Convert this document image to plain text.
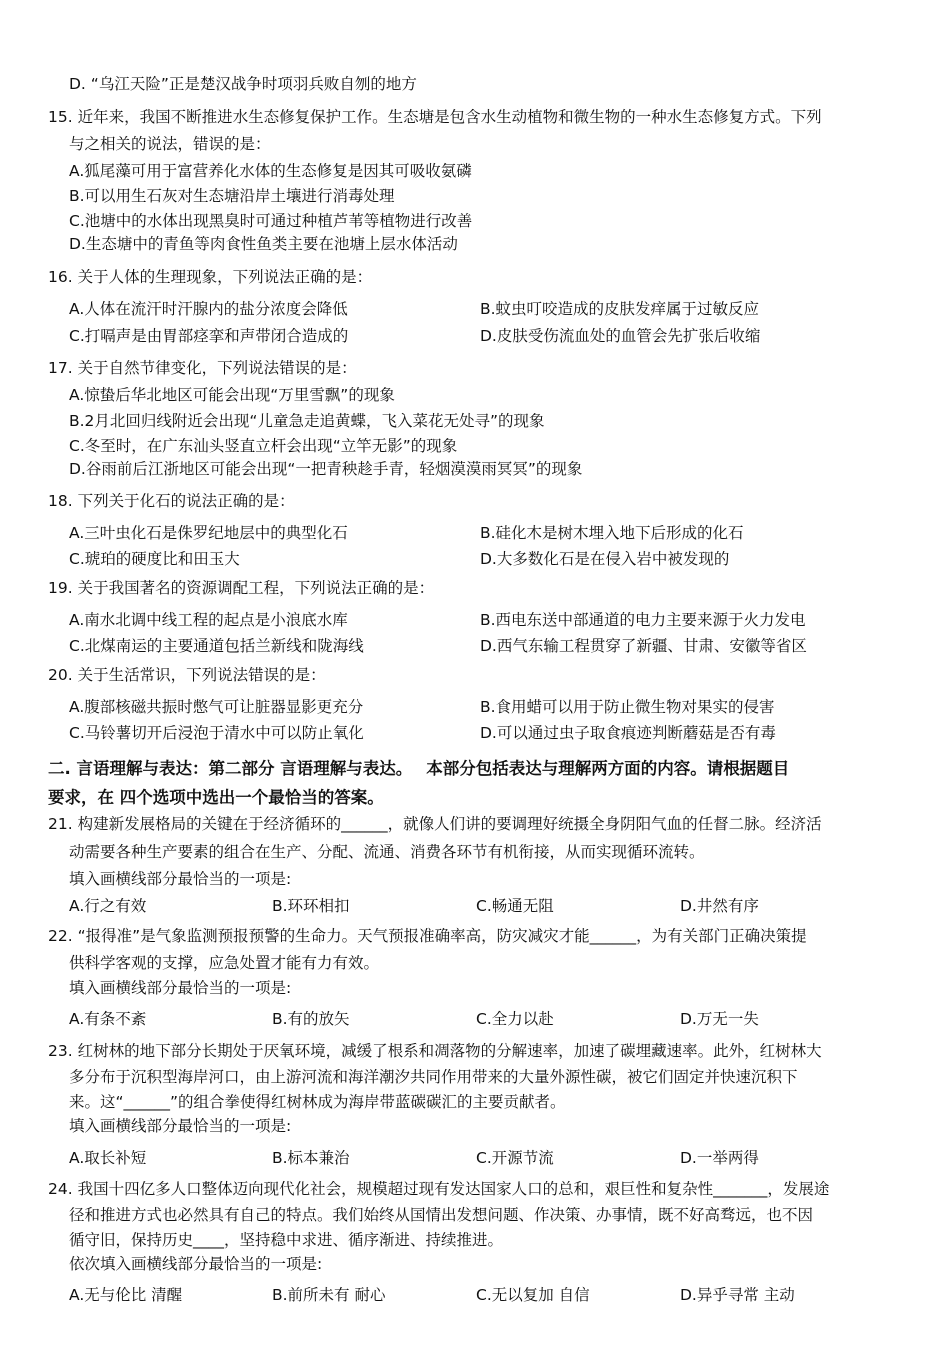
D. “乌江天险”正是楚汉战争时项羽兵败自刎的地方
15. 近年来，我国不断推进水生态修复保护工作。生态塘是包含水生动植物和微生物的一种水生态修复方式。下列
与之相关的说法，错误的是：
A.狐尾藻可用于富营养化水体的生态修复是因其可吸收氨磷
B.可以用生石灰对生态塘沿岸土壤进行消毒处理
C.池塘中的水体出现黑臭时可通过种植芦苇等植物进行改善
D.生态塘中的青鱼等肉食性鱼类主要在池塘上层水体活动
16. 关于人体的生理现象，下列说法正确的是：
A.人体在流汗时汗腺内的盐分浓度会降低	B.蚊虫叮咬造成的皮肤发痒属于过敏反应
C.打嗝声是由胃部痉挛和声带闭合造成的	D.皮肤受伤流血处的血管会先扩张后收缩
17. 关于自然节律变化，下列说法错误的是：
A.惊蛰后华北地区可能会出现“万里雪飘”的现象
B.2月北回归线附近会出现“儿童急走追黄蝶，飞入菜花无处寻”的现象
C.冬至时，在广东汕头竖直立杆会出现“立竿无影”的现象
D.谷雨前后江浙地区可能会出现“一把青秧趁手青，轻烟漠漠雨冥冥”的现象
18. 下列关于化石的说法正确的是：
A.三叶虫化石是侏罗纪地层中的典型化石	B.硅化木是树木埋入地下后形成的化石
C.琥珀的硬度比和田玉大	D.大多数化石是在侵入岩中被发现的
19. 关于我国著名的资源调配工程，下列说法正确的是：
A.南水北调中线工程的起点是小浪底水库	B.西电东送中部通道的电力主要来源于火力发电
C.北煤南运的主要通道包括兰新线和陇海线	D.西气东输工程贯穿了新疆、甘肃、安徽等省区
20. 关于生活常识，下列说法错误的是：
A.腹部核磁共振时憋气可让脏器显影更充分	B.食用蜡可以用于防止微生物对果实的侵害
C.马铃薯切开后浸泡于清水中可以防止氧化	D.可以通过虫子取食痕迹判断蘑菇是否有毒
二. 言语理解与表达：第二部分 言语理解与表达。　 本部分包括表达与理解两方面的内容。请根据题目
要求，在 四个选项中选出一个最恰当的答案。
21. 构建新发展格局的关键在于经济循环的______，就像人们讲的要调理好统摄全身阴阳气血的任督二脉。经济活
动需要各种生产要素的组合在生产、分配、流通、消费各环节有机衔接，从而实现循环流转。
填入画横线部分最恰当的一项是:
A.行之有效	B.环环相扣	C.畅通无阻	D.井然有序
22. “报得准”是气象监测预报预警的生命力。天气预报准确率高，防灾减灾才能______，为有关部门正确决策提
供科学客观的支撑，应急处置才能有力有效。
填入画横线部分最恰当的一项是:
A.有条不紊	B.有的放矢	C.全力以赴	D.万无一失
23. 红树林的地下部分长期处于厌氧环境，减缓了根系和凋落物的分解速率，加速了碳埋藏速率。此外，红树林大
多分布于沉积型海岸河口，由上游河流和海洋潮汐共同作用带来的大量外源性碳，被它们固定并快速沉积下
来。这“______”的组合拳使得红树林成为海岸带蓝碳碳汇的主要贡献者。
填入画横线部分最恰当的一项是:
A.取长补短	B.标本兼治	C.开源节流	D.一举两得
24. 我国十四亿多人口整体迈向现代化社会，规模超过现有发达国家人口的总和，艰巨性和复杂性_______，发展途
径和推进方式也必然具有自己的特点。我们始终从国情出发想问题、作决策、办事情，既不好高骛远，也不因
循守旧，保持历史____，坚持稳中求进、循序渐进、持续推进。
依次填入画横线部分最恰当的一项是:
A.无与伦比 清醒	B.前所未有 耐心	C.无以复加 自信	D.异乎寻常 主动
